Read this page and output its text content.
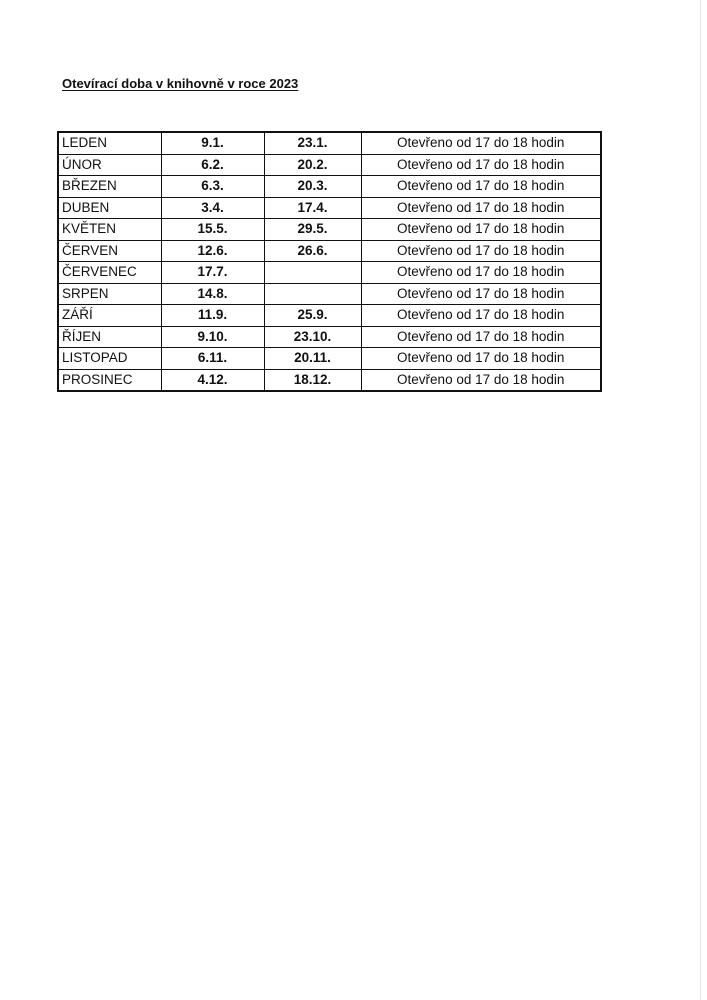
Otevírací doba v knihovně v roce 2023
LEDEN	9.1.	23.1.	Otevřeno od 17 do 18 hodin
ÚNOR	6.2.	20.2.	Otevřeno od 17 do 18 hodin
BŘEZEN	6.3.	20.3.	Otevřeno od 17 do 18 hodin
DUBEN	3.4.	17.4.	Otevřeno od 17 do 18 hodin
KVĚTEN	15.5.	29.5.	Otevřeno od 17 do 18 hodin
ČERVEN	12.6.	26.6.	Otevřeno od 17 do 18 hodin
ČERVENEC	17.7.		Otevřeno od 17 do 18 hodin
SRPEN	14.8.		Otevřeno od 17 do 18 hodin
ZÁŘÍ	11.9.	25.9.	Otevřeno od 17 do 18 hodin
ŘÍJEN	9.10.	23.10.	Otevřeno od 17 do 18 hodin
LISTOPAD	6.11.	20.11.	Otevřeno od 17 do 18 hodin
PROSINEC	4.12.	18.12.	Otevřeno od 17 do 18 hodin
